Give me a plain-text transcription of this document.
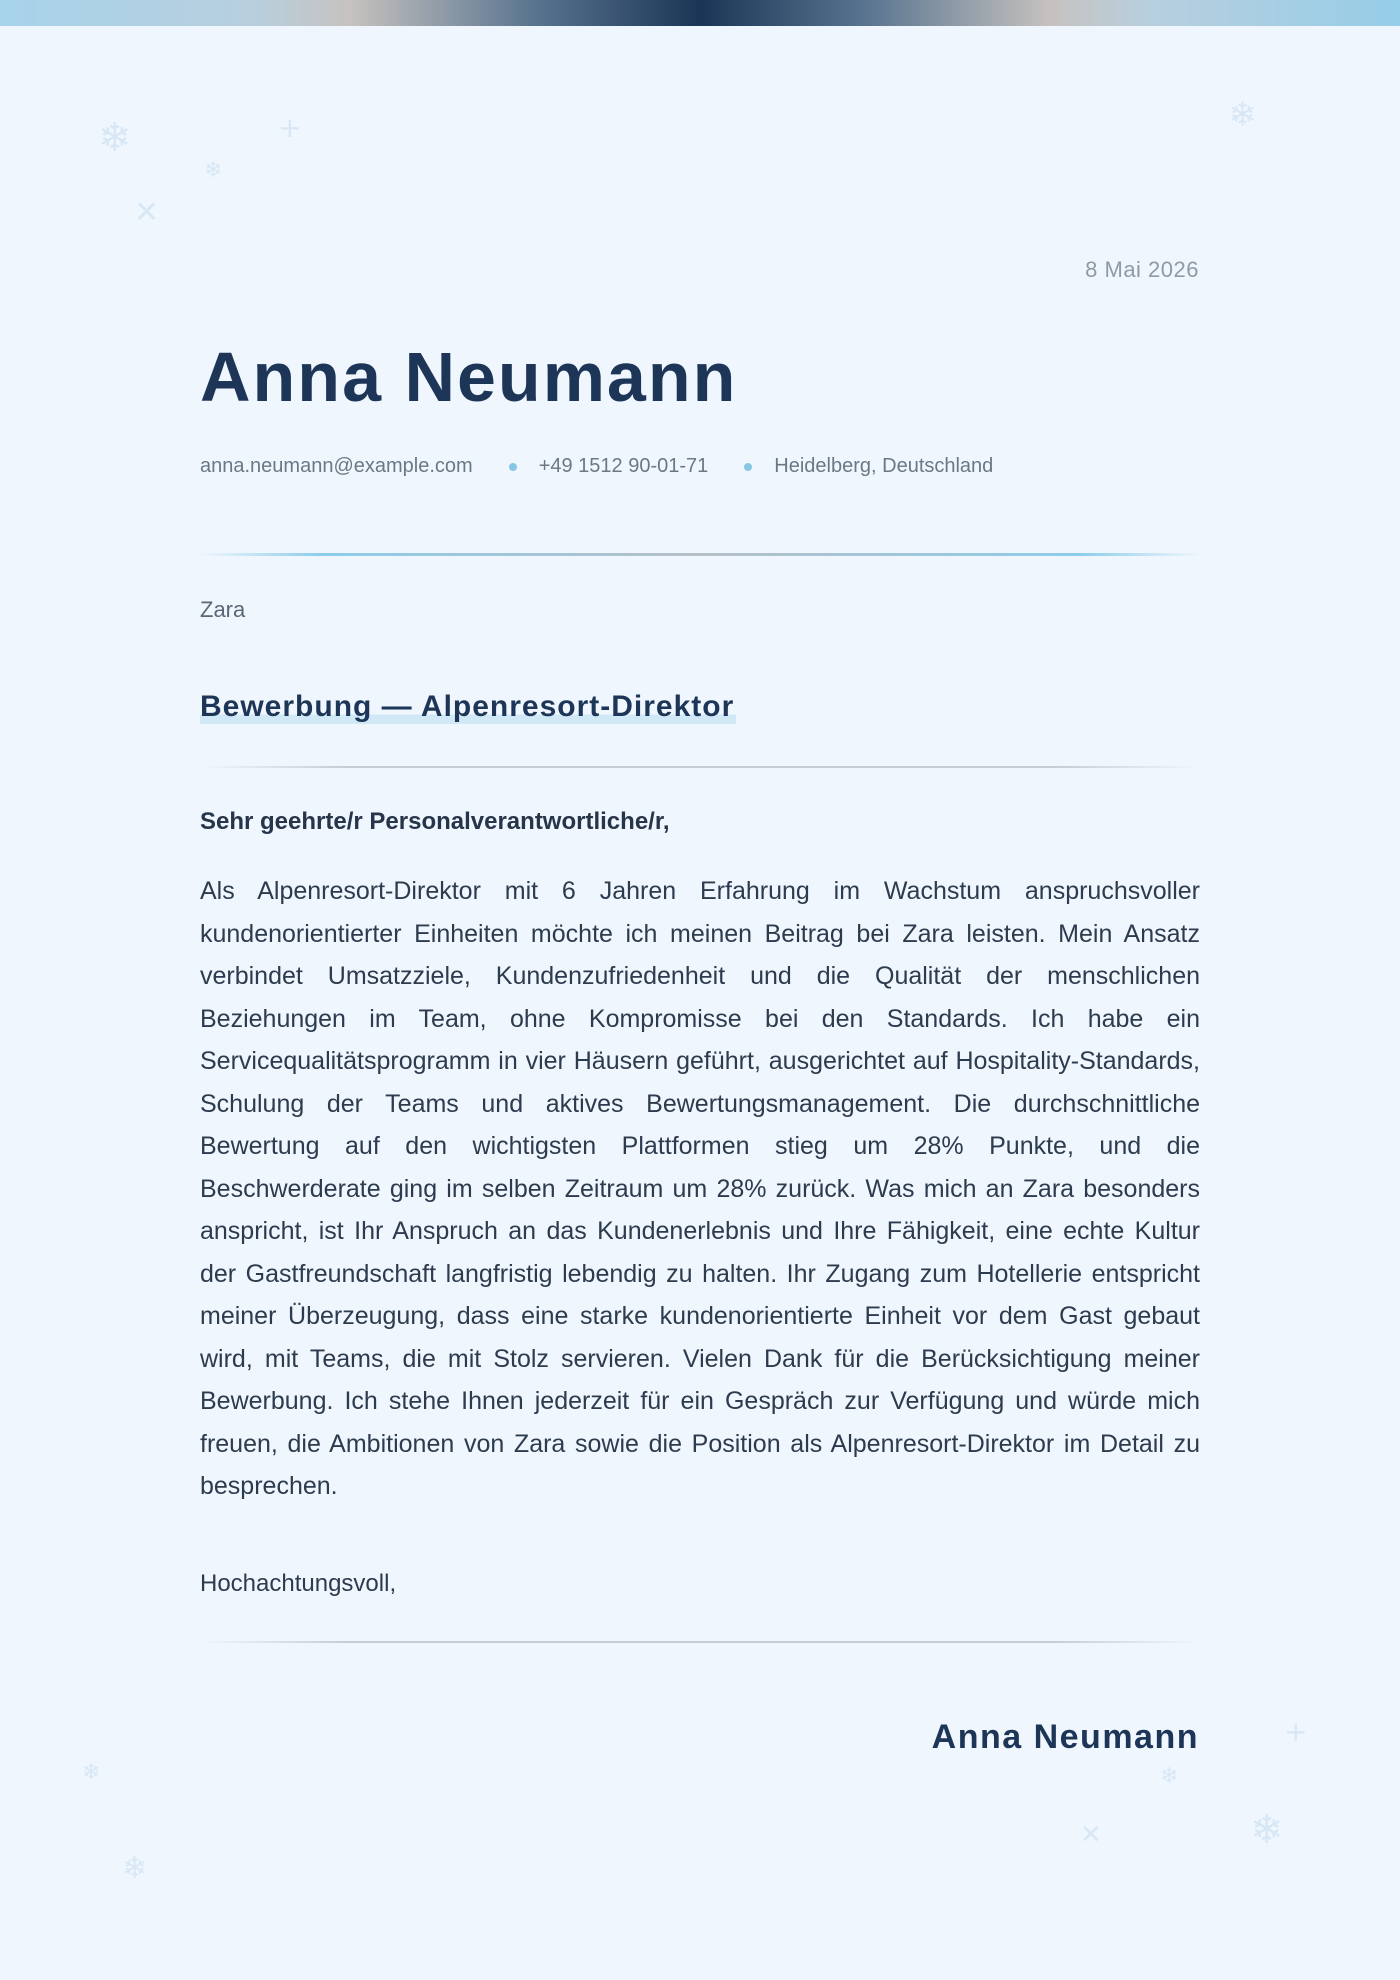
❄	+
❄
✕
❄
+
❄
✕	❄
❄
❄
8 Mai 2026
Anna Neumann
anna.neumann@example.com	+49 1512 90-01-71	Heidelberg, Deutschland
Zara
Bewerbung — Alpenresort-Direktor
Sehr geehrte/r Personalverantwortliche/r,

Als Alpenresort-Direktor mit 6 Jahren Erfahrung im Wachstum anspruchsvoller kundenorientierter Einheiten möchte ich meinen Beitrag bei Zara leisten. Mein Ansatz verbindet Umsatzziele, Kundenzufriedenheit und die Qualität der menschlichen Beziehungen im Team, ohne Kompromisse bei den Standards. Ich habe ein Servicequalitätsprogramm in vier Häusern geführt, ausgerichtet auf Hospitality-Standards, Schulung der Teams und aktives Bewertungsmanagement. Die durchschnittliche Bewertung auf den wichtigsten Plattformen stieg um 28% Punkte, und die Beschwerderate ging im selben Zeitraum um 28% zurück. Was mich an Zara besonders anspricht, ist Ihr Anspruch an das Kundenerlebnis und Ihre Fähigkeit, eine echte Kultur der Gastfreundschaft langfristig lebendig zu halten. Ihr Zugang zum Hotellerie entspricht meiner Überzeugung, dass eine starke kundenorientierte Einheit vor dem Gast gebaut wird, mit Teams, die mit Stolz servieren. Vielen Dank für die Berücksichtigung meiner Bewerbung. Ich stehe Ihnen jederzeit für ein Gespräch zur Verfügung und würde mich freuen, die Ambitionen von Zara sowie die Position als Alpenresort-Direktor im Detail zu besprechen.

Hochachtungsvoll,
Anna Neumann
